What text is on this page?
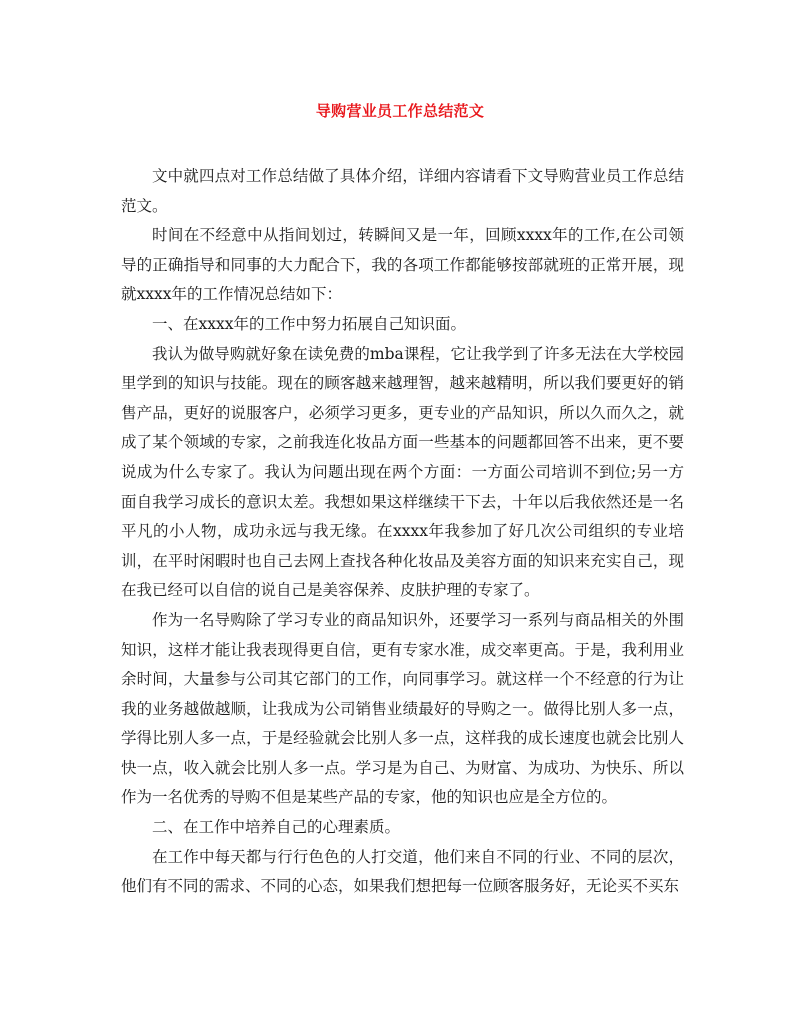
导购营业员工作总结范文

文中就四点对工作总结做了具体介绍，详细内容请看下文导购营业员工作总结范文。

时间在不经意中从指间划过，转瞬间又是一年，回顾xxxx年的工作,在公司领导的正确指导和同事的大力配合下，我的各项工作都能够按部就班的正常开展，现就xxxx年的工作情况总结如下：

一、在xxxx年的工作中努力拓展自己知识面。

我认为做导购就好象在读免费的mba课程，它让我学到了许多无法在大学校园里学到的知识与技能。现在的顾客越来越理智，越来越精明，所以我们要更好的销售产品，更好的说服客户，必须学习更多，更专业的产品知识，所以久而久之，就成了某个领域的专家，之前我连化妆品方面一些基本的问题都回答不出来，更不要说成为什么专家了。我认为问题出现在两个方面：一方面公司培训不到位;另一方面自我学习成长的意识太差。我想如果这样继续干下去，十年以后我依然还是一名平凡的小人物，成功永远与我无缘。在xxxx年我参加了好几次公司组织的专业培训，在平时闲暇时也自己去网上查找各种化妆品及美容方面的知识来充实自己，现在我已经可以自信的说自己是美容保养、皮肤护理的专家了。

作为一名导购除了学习专业的商品知识外，还要学习一系列与商品相关的外围知识，这样才能让我表现得更自信，更有专家水准，成交率更高。于是，我利用业余时间，大量参与公司其它部门的工作，向同事学习。就这样一个不经意的行为让我的业务越做越顺，让我成为公司销售业绩最好的导购之一。做得比别人多一点，学得比别人多一点，于是经验就会比别人多一点，这样我的成长速度也就会比别人快一点，收入就会比别人多一点。学习是为自己、为财富、为成功、为快乐、所以作为一名优秀的导购不但是某些产品的专家，他的知识也应是全方位的。

二、在工作中培养自己的心理素质。

在工作中每天都与行行色色的人打交道，他们来自不同的行业、不同的层次，他们有不同的需求、不同的心态，如果我们想把每一位顾客服务好，无论买不买东
